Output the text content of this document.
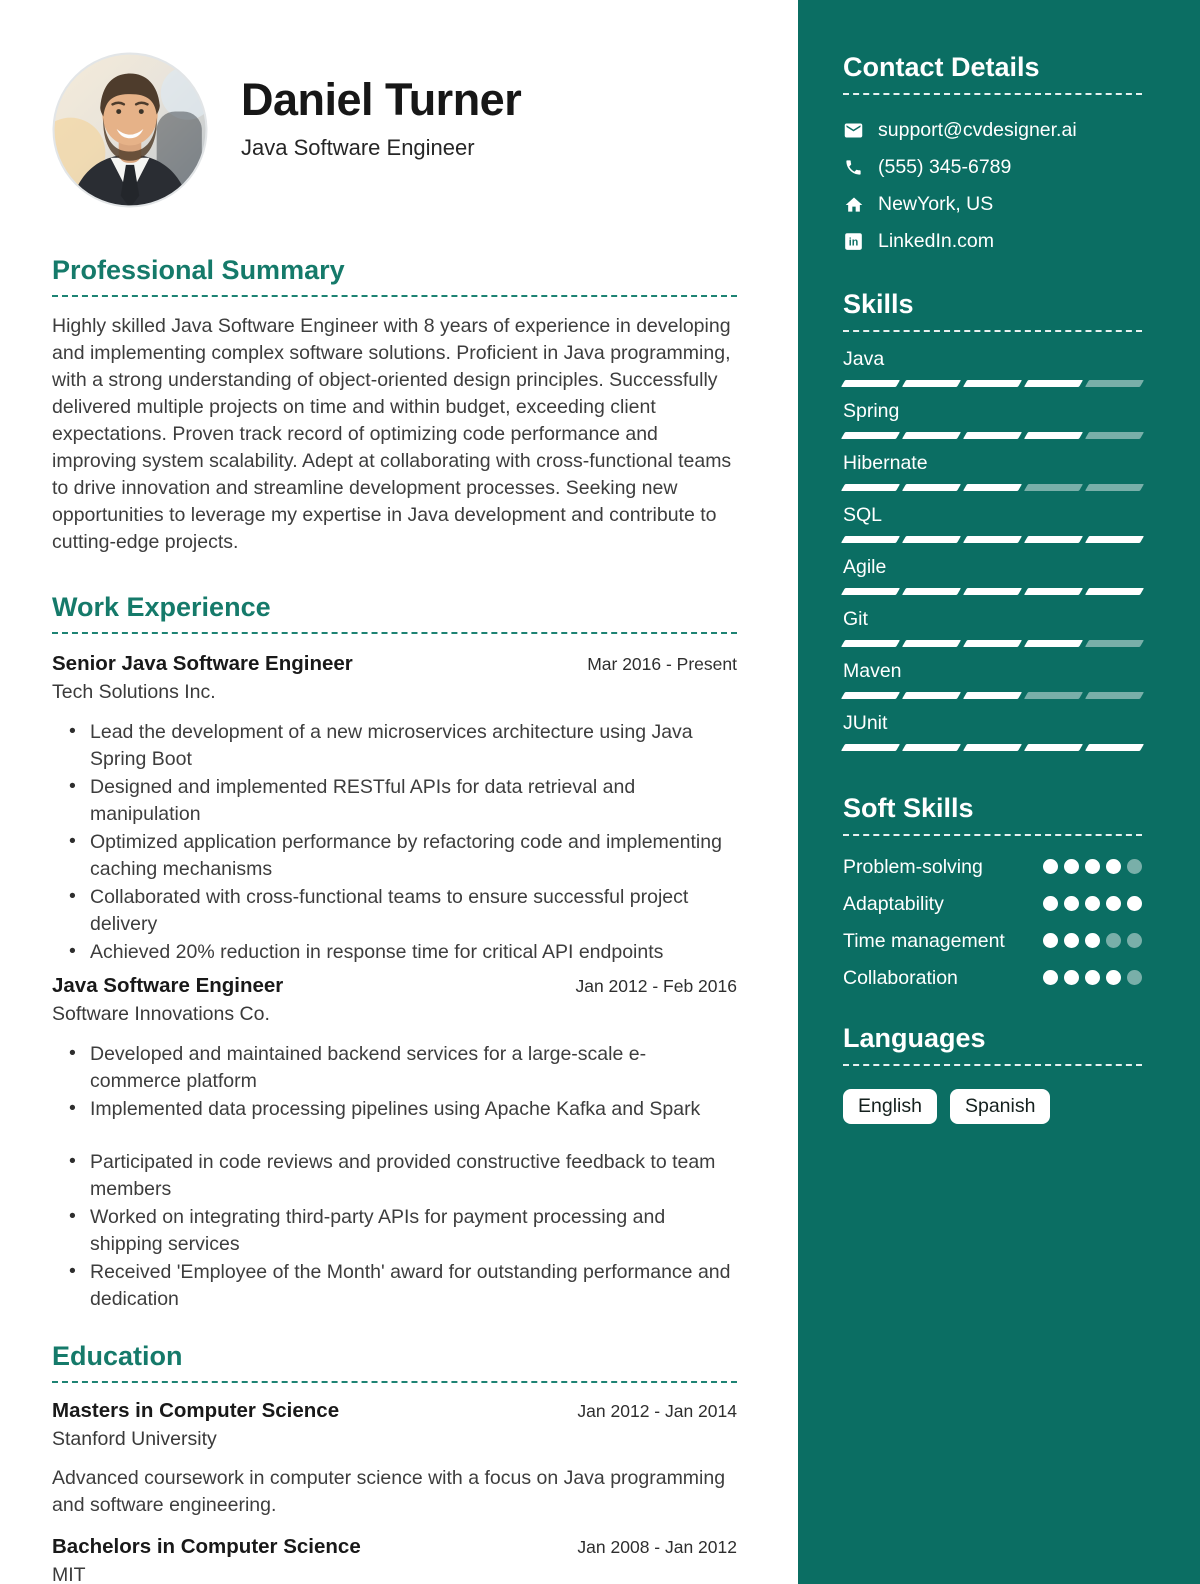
Daniel Turner
Java Software Engineer
Professional Summary
Highly skilled Java Software Engineer with 8 years of experience in developing and implementing complex software solutions. Proficient in Java programming, with a strong understanding of object-oriented design principles. Successfully delivered multiple projects on time and within budget, exceeding client expectations. Proven track record of optimizing code performance and improving system scalability. Adept at collaborating with cross-functional teams to drive innovation and streamline development processes. Seeking new opportunities to leverage my expertise in Java development and contribute to cutting-edge projects.
Work Experience
Senior Java Software Engineer	Mar 2016 - Present
Tech Solutions Inc.
• Lead the development of a new microservices architecture using Java Spring Boot
• Designed and implemented RESTful APIs for data retrieval and manipulation
• Optimized application performance by refactoring code and implementing caching mechanisms
• Collaborated with cross-functional teams to ensure successful project delivery
• Achieved 20% reduction in response time for critical API endpoints
Java Software Engineer	Jan 2012 - Feb 2016
Software Innovations Co.
• Developed and maintained backend services for a large-scale e-commerce platform
• Implemented data processing pipelines using Apache Kafka and Spark
• Participated in code reviews and provided constructive feedback to team members
• Worked on integrating third-party APIs for payment processing and shipping services
• Received 'Employee of the Month' award for outstanding performance and dedication
Education
Masters in Computer Science	Jan 2012 - Jan 2014
Stanford University
Advanced coursework in computer science with a focus on Java programming and software engineering.
Bachelors in Computer Science	Jan 2008 - Jan 2012
MIT
Contact Details
support@cvdesigner.ai
(555) 345-6789
NewYork, US
in LinkedIn.com
Skills
Java
Spring
Hibernate
SQL
Agile
Git
Maven
JUnit
Soft Skills
Problem-solving
Adaptability
Time management
Collaboration
Languages
English	Spanish
